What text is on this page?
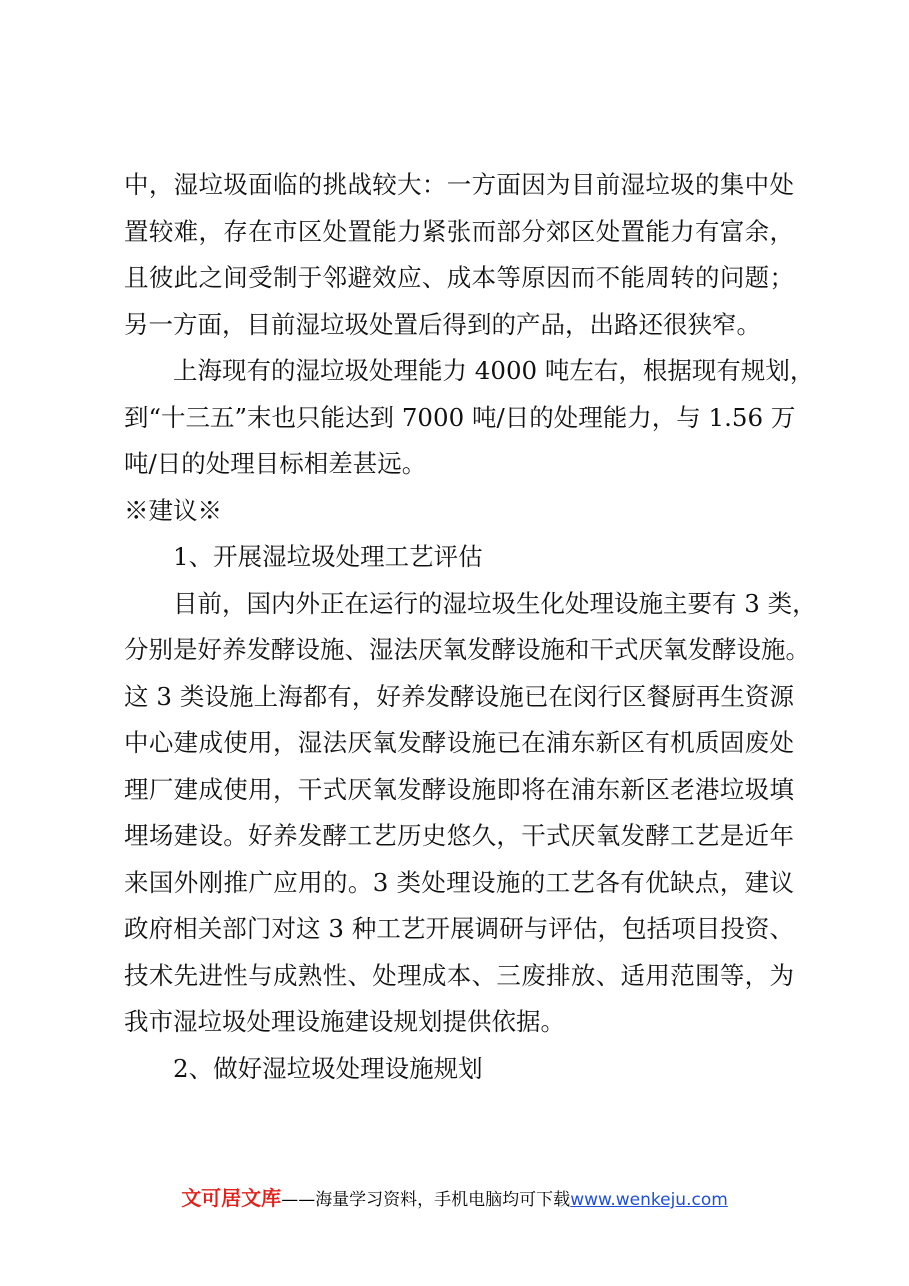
中，湿垃圾面临的挑战较大：一方面因为目前湿垃圾的集中处
置较难，存在市区处置能力紧张而部分郊区处置能力有富余，
且彼此之间受制于邻避效应、成本等原因而不能周转的问题；
另一方面，目前湿垃圾处置后得到的产品，出路还很狭窄。
上海现有的湿垃圾处理能力 4000 吨左右，根据现有规划，
到“十三五”末也只能达到 7000 吨/日的处理能力，与 1.56 万
吨/日的处理目标相差甚远。
※建议※
1、开展湿垃圾处理工艺评估
目前，国内外正在运行的湿垃圾生化处理设施主要有 3 类，
分别是好养发酵设施、湿法厌氧发酵设施和干式厌氧发酵设施。
这 3 类设施上海都有，好养发酵设施已在闵行区餐厨再生资源
中心建成使用，湿法厌氧发酵设施已在浦东新区有机质固废处
理厂建成使用，干式厌氧发酵设施即将在浦东新区老港垃圾填
埋场建设。好养发酵工艺历史悠久，干式厌氧发酵工艺是近年
来国外刚推广应用的。3 类处理设施的工艺各有优缺点，建议
政府相关部门对这 3 种工艺开展调研与评估，包括项目投资、
技术先进性与成熟性、处理成本、三废排放、适用范围等，为
我市湿垃圾处理设施建设规划提供依据。
2、做好湿垃圾处理设施规划
文可居文库——海量学习资料，手机电脑均可下载www.wenkeju.com
